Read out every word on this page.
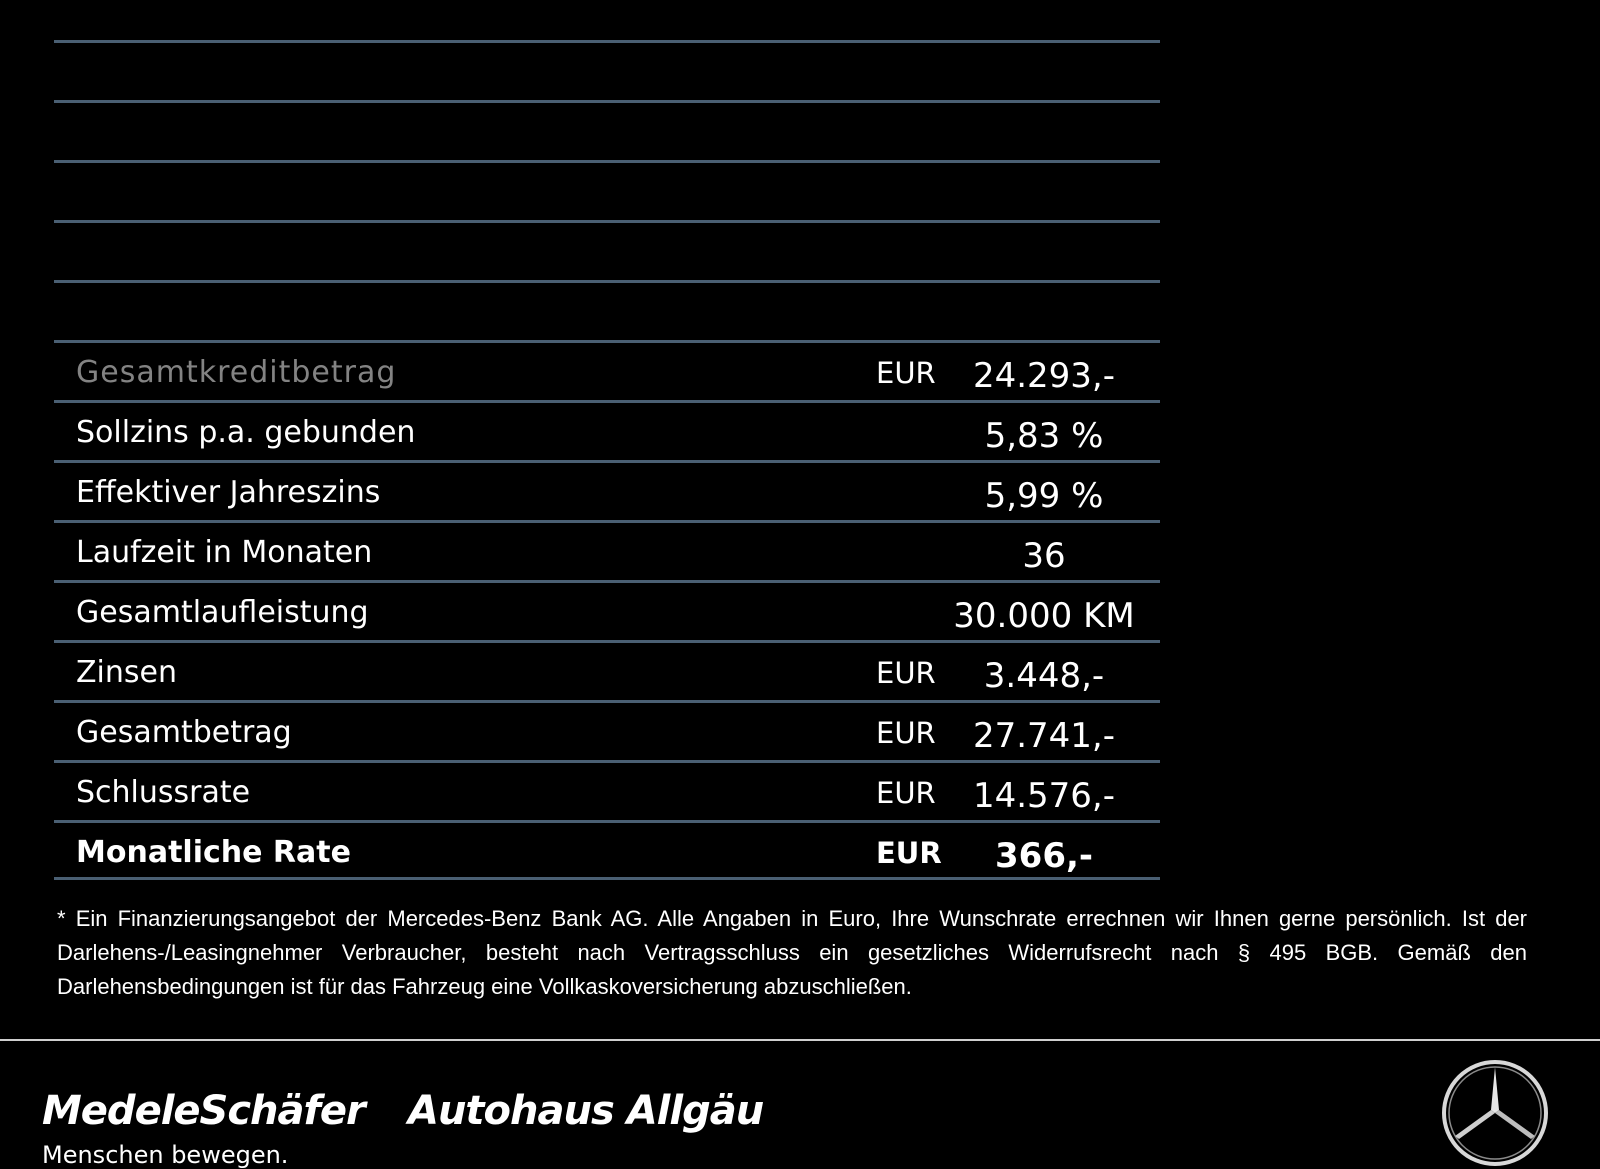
Gesamtkreditbetrag	EUR	24.293,-
Sollzins p.a. gebunden	5,83 %
Effektiver Jahreszins	5,99 %
Laufzeit in Monaten	36
Gesamtlaufleistung	30.000 KM
Zinsen	EUR	3.448,-
Gesamtbetrag	EUR	27.741,-
Schlussrate	EUR	14.576,-
Monatliche Rate	EUR	366,-
* Ein Finanzierungsangebot der Mercedes-Benz Bank AG. Alle Angaben in Euro, Ihre Wunschrate errechnen wir Ihnen gerne persönlich. Ist der Darlehens-/Leasingnehmer Verbraucher, besteht nach Vertragsschluss ein gesetzliches Widerrufsrecht nach § 495 BGB. Gemäß den Darlehensbedingungen ist für das Fahrzeug eine Vollkaskoversicherung abzuschließen.
MedeleSchäfer
Menschen bewegen.
Autohaus Allgäu
